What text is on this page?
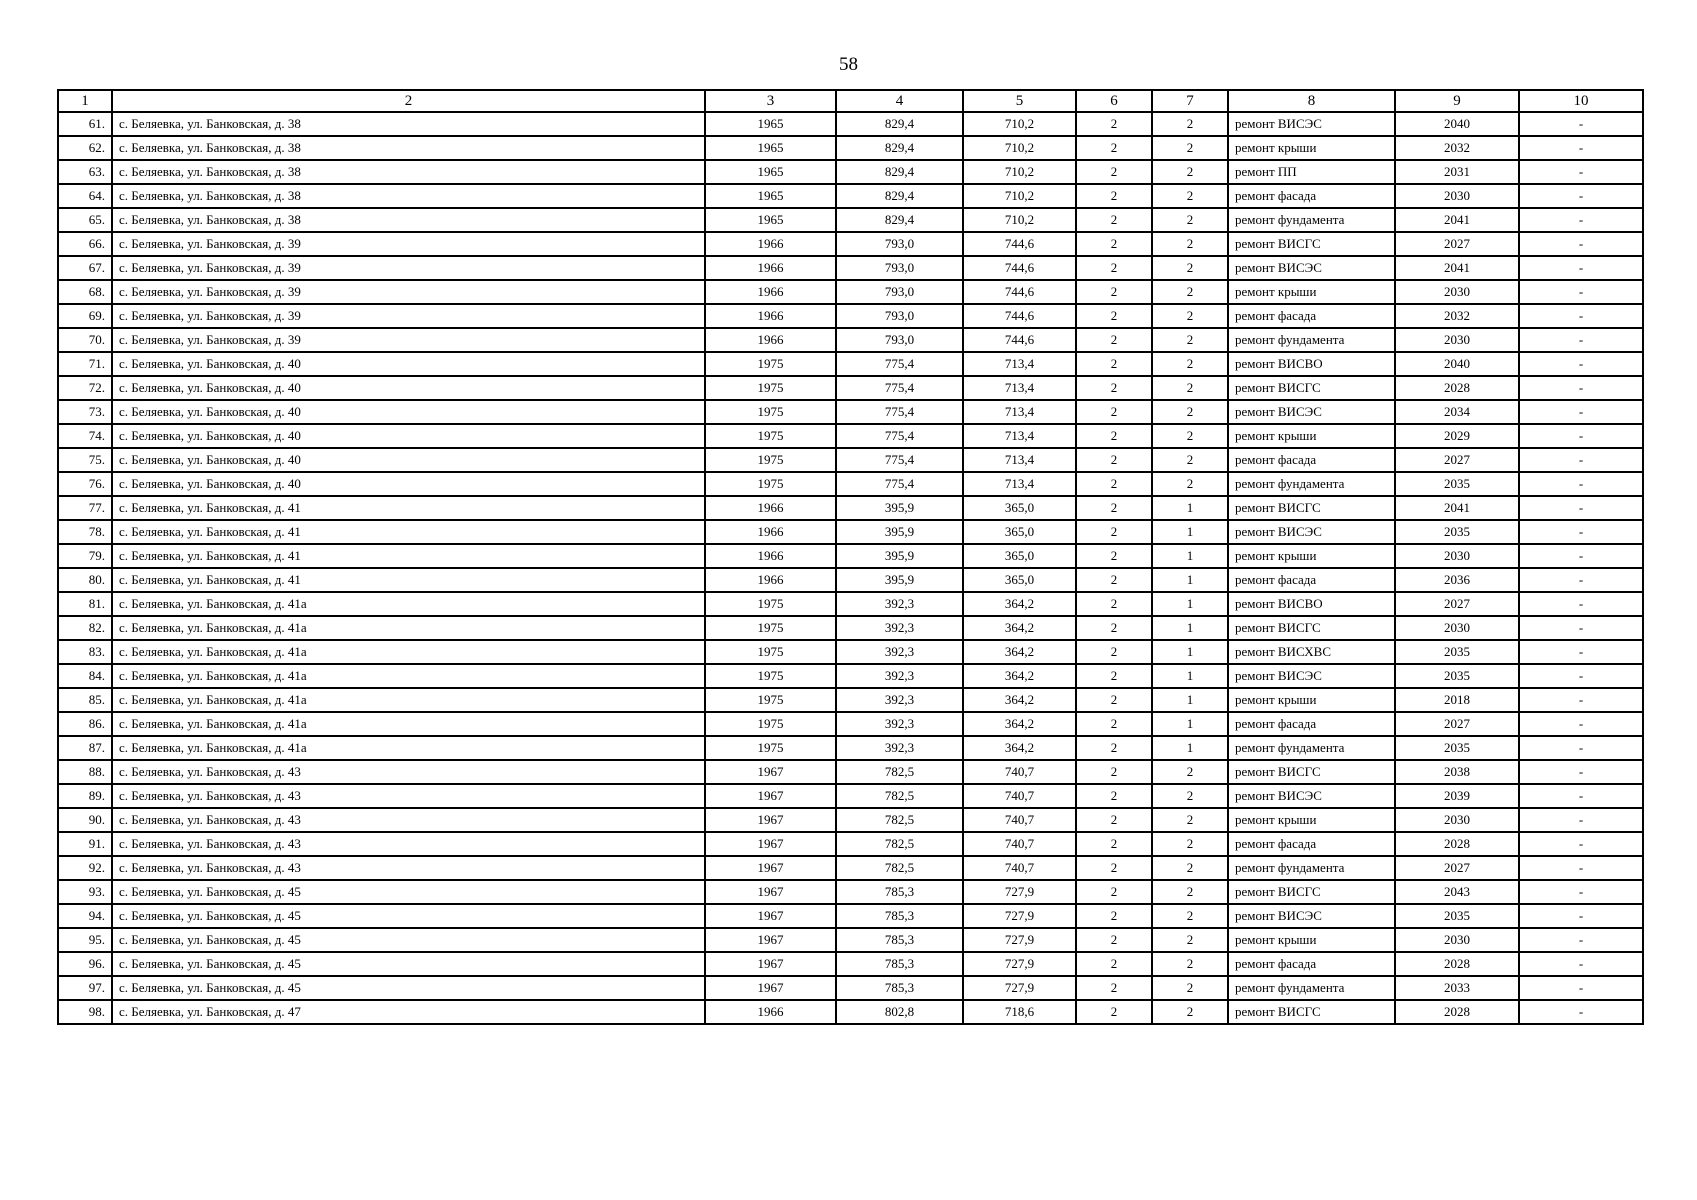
58
1	2	3	4	5	6	7	8	9	10
61.	с. Беляевка, ул. Банковская, д. 38	1965	829,4	710,2	2	2	ремонт ВИСЭС	2040	-
62.	с. Беляевка, ул. Банковская, д. 38	1965	829,4	710,2	2	2	ремонт крыши	2032	-
63.	с. Беляевка, ул. Банковская, д. 38	1965	829,4	710,2	2	2	ремонт ПП	2031	-
64.	с. Беляевка, ул. Банковская, д. 38	1965	829,4	710,2	2	2	ремонт фасада	2030	-
65.	с. Беляевка, ул. Банковская, д. 38	1965	829,4	710,2	2	2	ремонт фундамента	2041	-
66.	с. Беляевка, ул. Банковская, д. 39	1966	793,0	744,6	2	2	ремонт ВИСГС	2027	-
67.	с. Беляевка, ул. Банковская, д. 39	1966	793,0	744,6	2	2	ремонт ВИСЭС	2041	-
68.	с. Беляевка, ул. Банковская, д. 39	1966	793,0	744,6	2	2	ремонт крыши	2030	-
69.	с. Беляевка, ул. Банковская, д. 39	1966	793,0	744,6	2	2	ремонт фасада	2032	-
70.	с. Беляевка, ул. Банковская, д. 39	1966	793,0	744,6	2	2	ремонт фундамента	2030	-
71.	с. Беляевка, ул. Банковская, д. 40	1975	775,4	713,4	2	2	ремонт ВИСВО	2040	-
72.	с. Беляевка, ул. Банковская, д. 40	1975	775,4	713,4	2	2	ремонт ВИСГС	2028	-
73.	с. Беляевка, ул. Банковская, д. 40	1975	775,4	713,4	2	2	ремонт ВИСЭС	2034	-
74.	с. Беляевка, ул. Банковская, д. 40	1975	775,4	713,4	2	2	ремонт крыши	2029	-
75.	с. Беляевка, ул. Банковская, д. 40	1975	775,4	713,4	2	2	ремонт фасада	2027	-
76.	с. Беляевка, ул. Банковская, д. 40	1975	775,4	713,4	2	2	ремонт фундамента	2035	-
77.	с. Беляевка, ул. Банковская, д. 41	1966	395,9	365,0	2	1	ремонт ВИСГС	2041	-
78.	с. Беляевка, ул. Банковская, д. 41	1966	395,9	365,0	2	1	ремонт ВИСЭС	2035	-
79.	с. Беляевка, ул. Банковская, д. 41	1966	395,9	365,0	2	1	ремонт крыши	2030	-
80.	с. Беляевка, ул. Банковская, д. 41	1966	395,9	365,0	2	1	ремонт фасада	2036	-
81.	с. Беляевка, ул. Банковская, д. 41а	1975	392,3	364,2	2	1	ремонт ВИСВО	2027	-
82.	с. Беляевка, ул. Банковская, д. 41а	1975	392,3	364,2	2	1	ремонт ВИСГС	2030	-
83.	с. Беляевка, ул. Банковская, д. 41а	1975	392,3	364,2	2	1	ремонт ВИСХВС	2035	-
84.	с. Беляевка, ул. Банковская, д. 41а	1975	392,3	364,2	2	1	ремонт ВИСЭС	2035	-
85.	с. Беляевка, ул. Банковская, д. 41а	1975	392,3	364,2	2	1	ремонт крыши	2018	-
86.	с. Беляевка, ул. Банковская, д. 41а	1975	392,3	364,2	2	1	ремонт фасада	2027	-
87.	с. Беляевка, ул. Банковская, д. 41а	1975	392,3	364,2	2	1	ремонт фундамента	2035	-
88.	с. Беляевка, ул. Банковская, д. 43	1967	782,5	740,7	2	2	ремонт ВИСГС	2038	-
89.	с. Беляевка, ул. Банковская, д. 43	1967	782,5	740,7	2	2	ремонт ВИСЭС	2039	-
90.	с. Беляевка, ул. Банковская, д. 43	1967	782,5	740,7	2	2	ремонт крыши	2030	-
91.	с. Беляевка, ул. Банковская, д. 43	1967	782,5	740,7	2	2	ремонт фасада	2028	-
92.	с. Беляевка, ул. Банковская, д. 43	1967	782,5	740,7	2	2	ремонт фундамента	2027	-
93.	с. Беляевка, ул. Банковская, д. 45	1967	785,3	727,9	2	2	ремонт ВИСГС	2043	-
94.	с. Беляевка, ул. Банковская, д. 45	1967	785,3	727,9	2	2	ремонт ВИСЭС	2035	-
95.	с. Беляевка, ул. Банковская, д. 45	1967	785,3	727,9	2	2	ремонт крыши	2030	-
96.	с. Беляевка, ул. Банковская, д. 45	1967	785,3	727,9	2	2	ремонт фасада	2028	-
97.	с. Беляевка, ул. Банковская, д. 45	1967	785,3	727,9	2	2	ремонт фундамента	2033	-
98.	с. Беляевка, ул. Банковская, д. 47	1966	802,8	718,6	2	2	ремонт ВИСГС	2028	-
